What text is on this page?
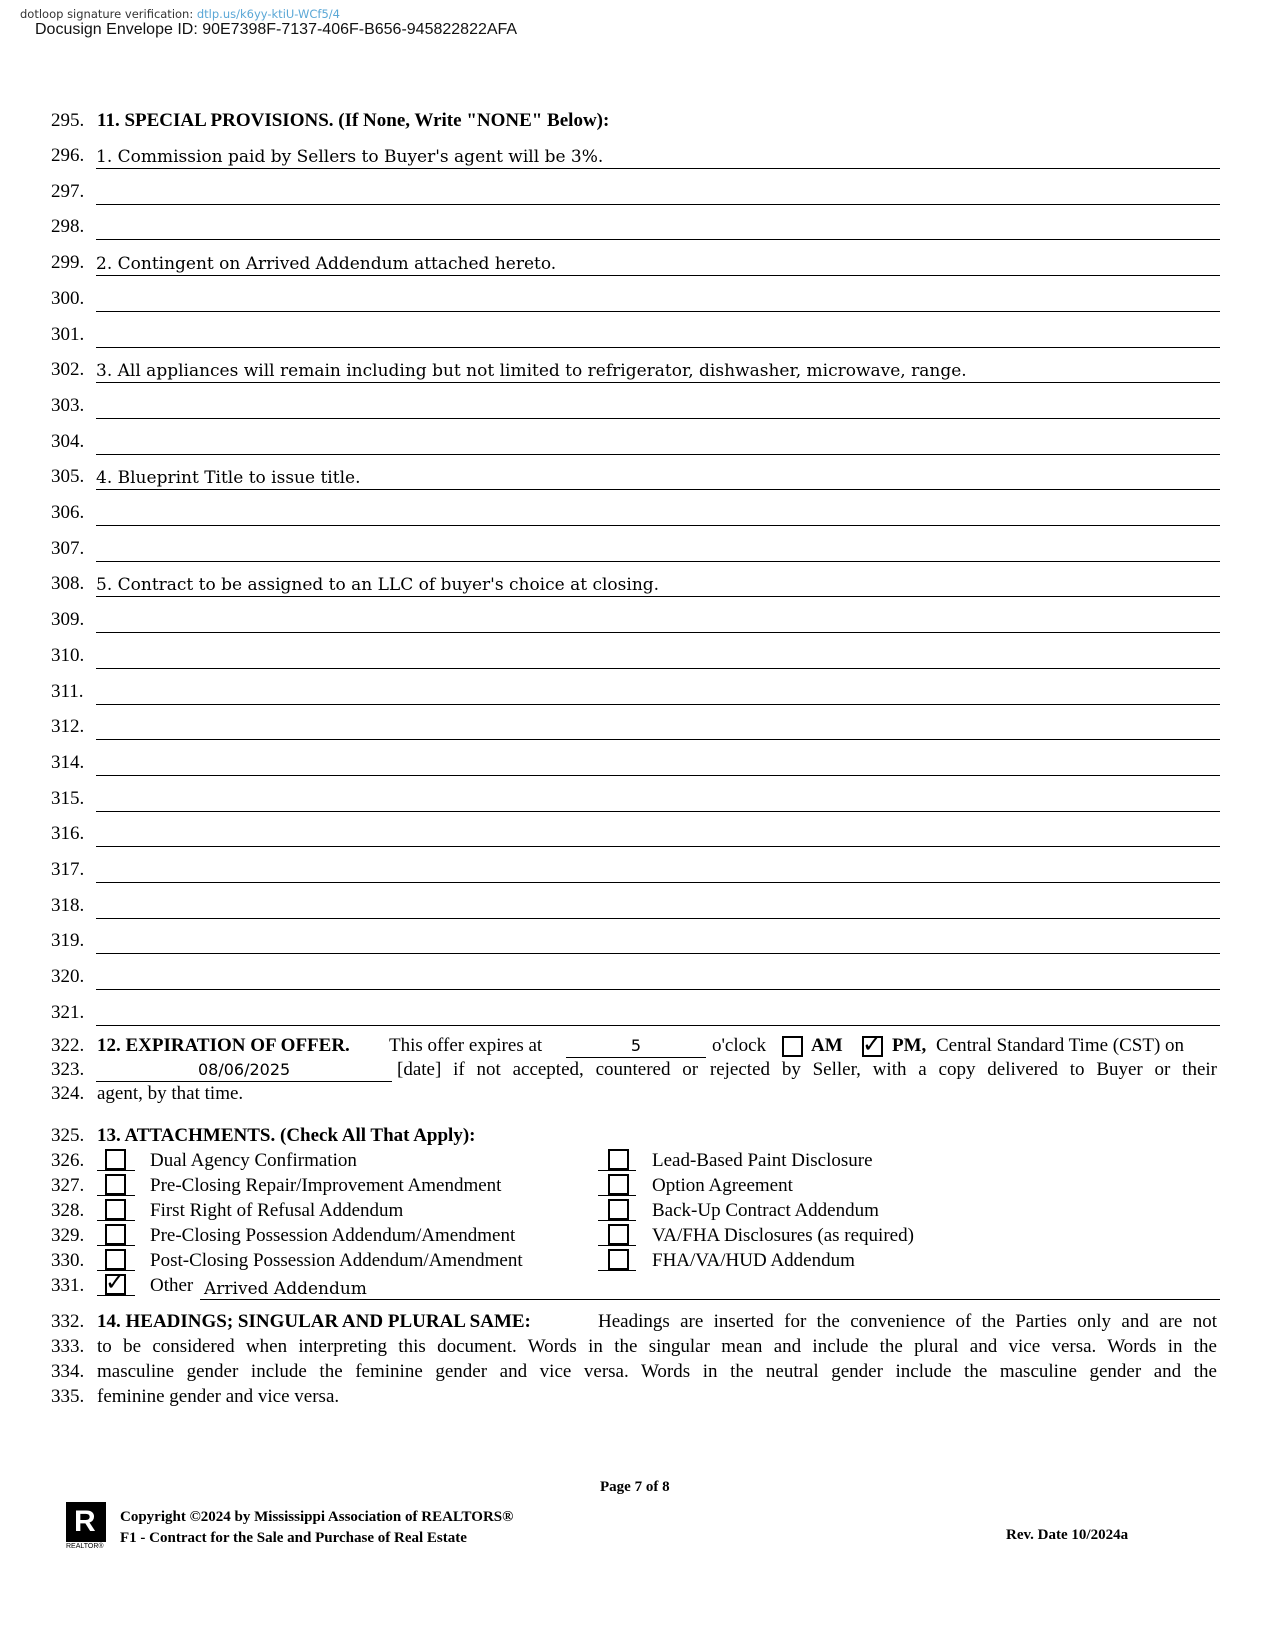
dotloop signature verification: dtlp.us/k6yy-ktiU-WCf5/4
Docusign Envelope ID: 90E7398F-7137-406F-B656-945822822AFA
295. 11. SPECIAL PROVISIONS. (If None, Write "NONE" Below):
296. 1. Commission paid by Sellers to Buyer's agent will be 3%.
297.
298.
299. 2. Contingent on Arrived Addendum attached hereto.
300.
301.
302. 3. All appliances will remain including but not limited to refrigerator, dishwasher, microwave, range.
303.
304.
305. 4. Blueprint Title to issue title.
306.
307.
308. 5. Contract to be assigned to an LLC of buyer's choice at closing.
309.
310.
311.
312.
314.
315.
316.
317.
318.
319.
320.
321.
322.
323.
324.
12. EXPIRATION OF OFFER. This offer expires at	5	o'clock AM ✓ PM, Central Standard Time (CST) on
08/06/2025	[date] if not accepted, countered or rejected by Seller, with a copy delivered to Buyer or their
agent, by that time.
325. 13. ATTACHMENTS. (Check All That Apply):
326.	Dual Agency Confirmation	Lead-Based Paint Disclosure
327.	Pre-Closing Repair/Improvement Amendment	Option Agreement
328.	First Right of Refusal Addendum	Back-Up Contract Addendum
329.	Pre-Closing Possession Addendum/Amendment	VA/FHA Disclosures (as required)
330.	Post-Closing Possession Addendum/Amendment	FHA/VA/HUD Addendum
331. ✓ Other Arrived Addendum
332.
333.
334.
335.
14. HEADINGS; SINGULAR AND PLURAL SAME:	Headings are inserted for the convenience of the Parties only and are not
to be considered when interpreting this document. Words in the singular mean and include the plural and vice versa. Words in the
masculine gender include the feminine gender and vice versa. Words in the neutral gender include the masculine gender and the
feminine gender and vice versa.
Page 7 of 8
R
REALTOR®
Copyright ©2024 by Mississippi Association of REALTORS®
F1 - Contract for the Sale and Purchase of Real Estate	Rev. Date 10/2024a
